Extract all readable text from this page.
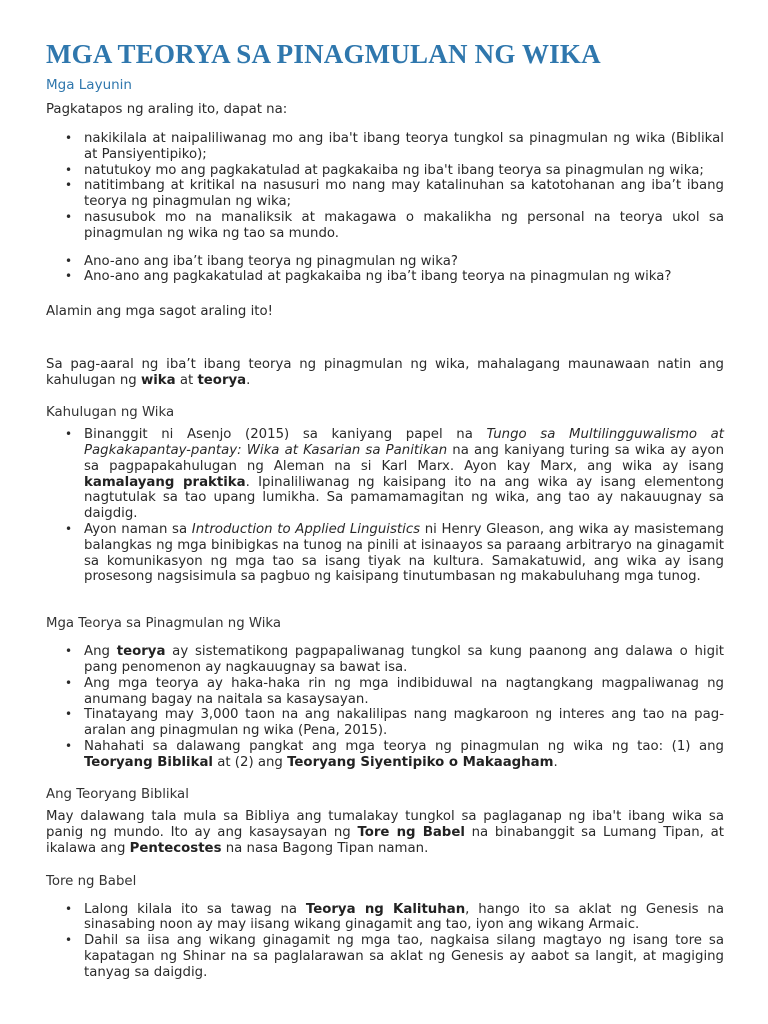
MGA TEORYA SA PINAGMULAN NG WIKA
Mga Layunin

Pagkatapos ng araling ito, dapat na:

• nakikilala at naipaliliwanag mo ang iba't ibang teorya tungkol sa pinagmulan ng wika (Biblikal at Pansiyentipiko);
• natutukoy mo ang pagkakatulad at pagkakaiba ng iba't ibang teorya sa pinagmulan ng wika;
• natitimbang at kritikal na nasusuri mo nang may katalinuhan sa katotohanan ang iba’t ibang teorya ng pinagmulan ng wika;
• nasusubok mo na manaliksik at makagawa o makalikha ng personal na teorya ukol sa pinagmulan ng wika ng tao sa mundo.
• Ano-ano ang iba’t ibang teorya ng pinagmulan ng wika?
• Ano-ano ang pagkakatulad at pagkakaiba ng iba’t ibang teorya na pinagmulan ng wika?

Alamin ang mga sagot araling ito!

Sa pag-aaral ng iba’t ibang teorya ng pinagmulan ng wika, mahalagang maunawaan natin ang kahulugan ng wika at teorya.

Kahulugan ng Wika
• Binanggit ni Asenjo (2015) sa kaniyang papel na Tungo sa Multilingguwalismo at Pagkakapantay-pantay: Wika at Kasarian sa Panitikan na ang kaniyang turing sa wika ay ayon sa pagpapakahulugan ng Aleman na si Karl Marx. Ayon kay Marx, ang wika ay isang kamalayang praktika. Ipinaliliwanag ng kaisipang ito na ang wika ay isang elementong nagtutulak sa tao upang lumikha. Sa pamamamagitan ng wika, ang tao ay nakauugnay sa daigdig.
• Ayon naman sa Introduction to Applied Linguistics ni Henry Gleason, ang wika ay masistemang balangkas ng mga binibigkas na tunog na pinili at isinaayos sa paraang arbitraryo na ginagamit sa komunikasyon ng mga tao sa isang tiyak na kultura. Samakatuwid, ang wika ay isang prosesong nagsisimula sa pagbuo ng kaisipang tinutumbasan ng makabuluhang mga tunog.
Mga Teorya sa Pinagmulan ng Wika
• Ang teorya ay sistematikong pagpapaliwanag tungkol sa kung paanong ang dalawa o higit pang penomenon ay nagkauugnay sa bawat isa.
• Ang mga teorya ay haka-haka rin ng mga indibiduwal na nagtangkang magpaliwanag ng anumang bagay na naitala sa kasaysayan.
• Tinatayang may 3,000 taon na ang nakalilipas nang magkaroon ng interes ang tao na pag-aralan ang pinagmulan ng wika (Pena, 2015).
• Nahahati sa dalawang pangkat ang mga teorya ng pinagmulan ng wika ng tao: (1) ang Teoryang Biblikal at (2) ang Teoryang Siyentipiko o Makaagham.
Ang Teoryang Biblikal

May dalawang tala mula sa Bibliya ang tumalakay tungkol sa paglaganap ng iba't ibang wika sa panig ng mundo. Ito ay ang kasaysayan ng Tore ng Babel na binabanggit sa Lumang Tipan, at ikalawa ang Pentecostes na nasa Bagong Tipan naman.

Tore ng Babel
• Lalong kilala ito sa tawag na Teorya ng Kalituhan, hango ito sa aklat ng Genesis na sinasabing noon ay may iisang wikang ginagamit ang tao, iyon ang wikang Armaic.
• Dahil sa iisa ang wikang ginagamit ng mga tao, nagkaisa silang magtayo ng isang tore sa kapatagan ng Shinar na sa paglalarawan sa aklat ng Genesis ay aabot sa langit, at magiging tanyag sa daigdig.
